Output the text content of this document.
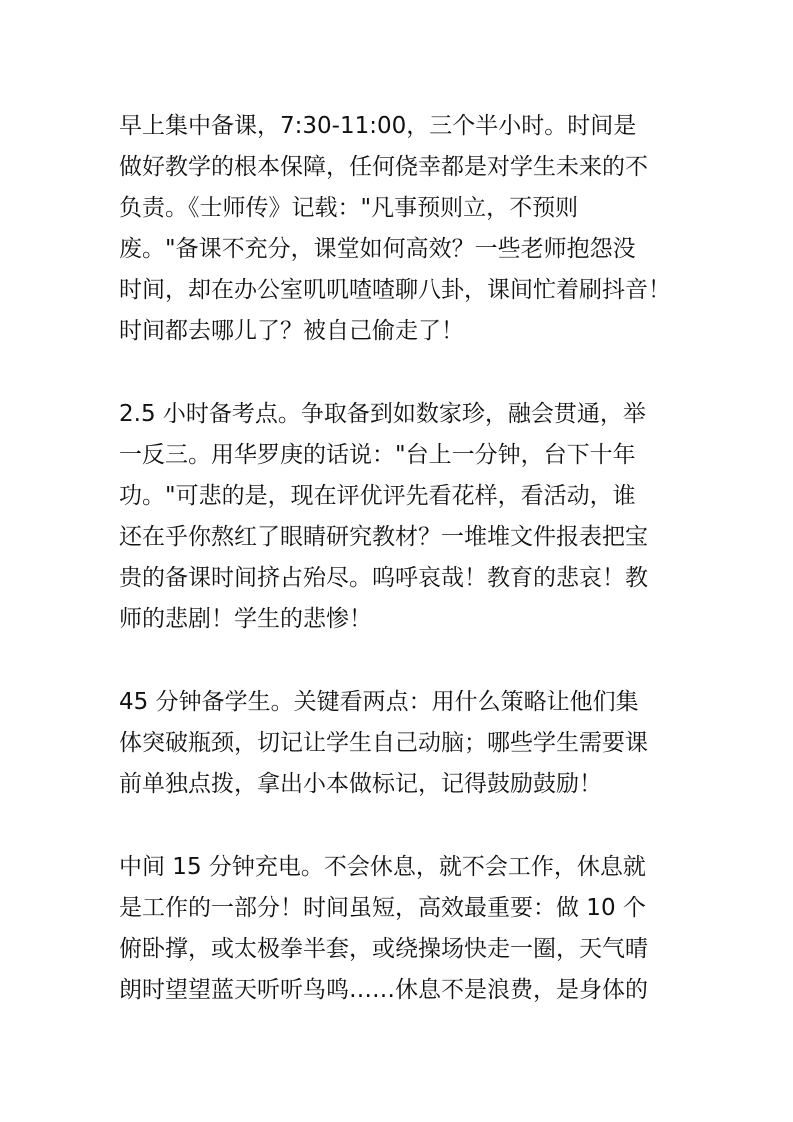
早上集中备课，7:30-11:00，三个半小时。时间是
做好教学的根本保障，任何侥幸都是对学生未来的不
负责。《士师传》记载："凡事预则立，不预则
废。"备课不充分，课堂如何高效？一些老师抱怨没
时间，却在办公室叽叽喳喳聊八卦，课间忙着刷抖音！
时间都去哪儿了？被自己偷走了！

2.5 小时备考点。争取备到如数家珍，融会贯通，举
一反三。用华罗庚的话说："台上一分钟，台下十年
功。"可悲的是，现在评优评先看花样，看活动，谁
还在乎你熬红了眼睛研究教材？一堆堆文件报表把宝
贵的备课时间挤占殆尽。呜呼哀哉！教育的悲哀！教
师的悲剧！学生的悲惨！

45 分钟备学生。关键看两点：用什么策略让他们集
体突破瓶颈，切记让学生自己动脑；哪些学生需要课
前单独点拨，拿出小本做标记，记得鼓励鼓励！

中间 15 分钟充电。不会休息，就不会工作，休息就
是工作的一部分！时间虽短，高效最重要：做 10 个
俯卧撑，或太极拳半套，或绕操场快走一圈，天气晴
朗时望望蓝天听听鸟鸣……休息不是浪费，是身体的
